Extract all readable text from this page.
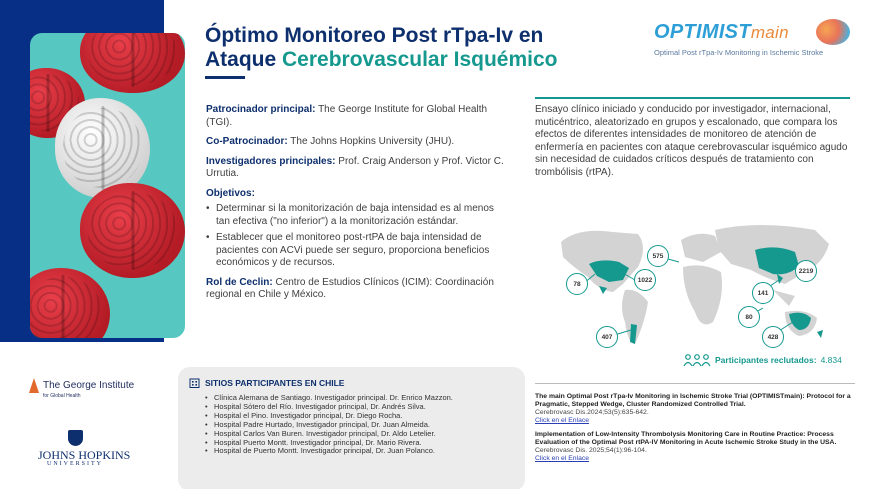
Óptimo Monitoreo Post rTpa-Iv en
Ataque Cerebrovascular Isquémico
OPTIMISTmain
Optimal Post rTpa-Iv Monitoring in Ischemic Stroke
Patrocinador principal: The George Institute for Global Health (TGI).
Co-Patrocinador: The Johns Hopkins University (JHU).
Investigadores principales: Prof. Craig Anderson y Prof. Victor C. Urrutia.
Objetivos:
• Determinar si la monitorización de baja intensidad es al menos tan efectiva ("no inferior") a la monitorización estándar.
• Establecer que el monitoreo post-rtPA de baja intensidad de pacientes con ACVi puede ser seguro, proporciona beneficios económicos y de recursos.
Rol de Ceclin: Centro de Estudios Clínicos (ICIM): Coordinación regional en Chile y México.
Ensayo clínico iniciado y conducido por investigador, internacional, muticéntrico, aleatorizado en grupos y escalonado, que compara los efectos de diferentes intensidades de monitoreo de atención de enfermería en pacientes con ataque cerebrovascular isquémico agudo sin necesidad de cuidados críticos después de tratamiento con trombólisis (rtPA).
575
78
1022
2219
141
80
428
407
Participantes reclutados: 4.834
SITIOS PARTICIPANTES EN CHILE
• Clínica Alemana de Santiago. Investigador principal. Dr. Enrico Mazzon.
• Hospital Sótero del Río. Investigador principal, Dr. Andrés Silva.
• Hospital el Pino. Investigador principal, Dr. Diego Rocha.
• Hospital Padre Hurtado, Investigador principal, Dr. Juan Almeida.
• Hospital Carlos Van Buren. Investigador principal, Dr. Aldo Letelier.
• Hospital Puerto Montt. Investigador principal, Dr. Mario Rivera.
• Hospital de Puerto Montt. Investigador principal, Dr. Juan Polanco.
The main Optimal Post rTpa-Iv Monitoring in Ischemic Stroke Trial (OPTIMISTmain): Protocol for a Pragmatic, Stepped Wedge, Cluster Randomized Controlled Trial.
Cerebrovasc Dis.2024;53(5):635-642.
Click en el Enlace
Implementation of Low-Intensity Thrombolysis Monitoring Care in Routine Practice: Process Evaluation of the Optimal Post rtPA-IV Monitoring in Acute Ischemic Stroke Study in the USA.
Cerebrovasc Dis. 2025;54(1):96-104.
Click en el Enlace
The George Institute
for Global Health
JOHNS HOPKINS
UNIVERSITY
